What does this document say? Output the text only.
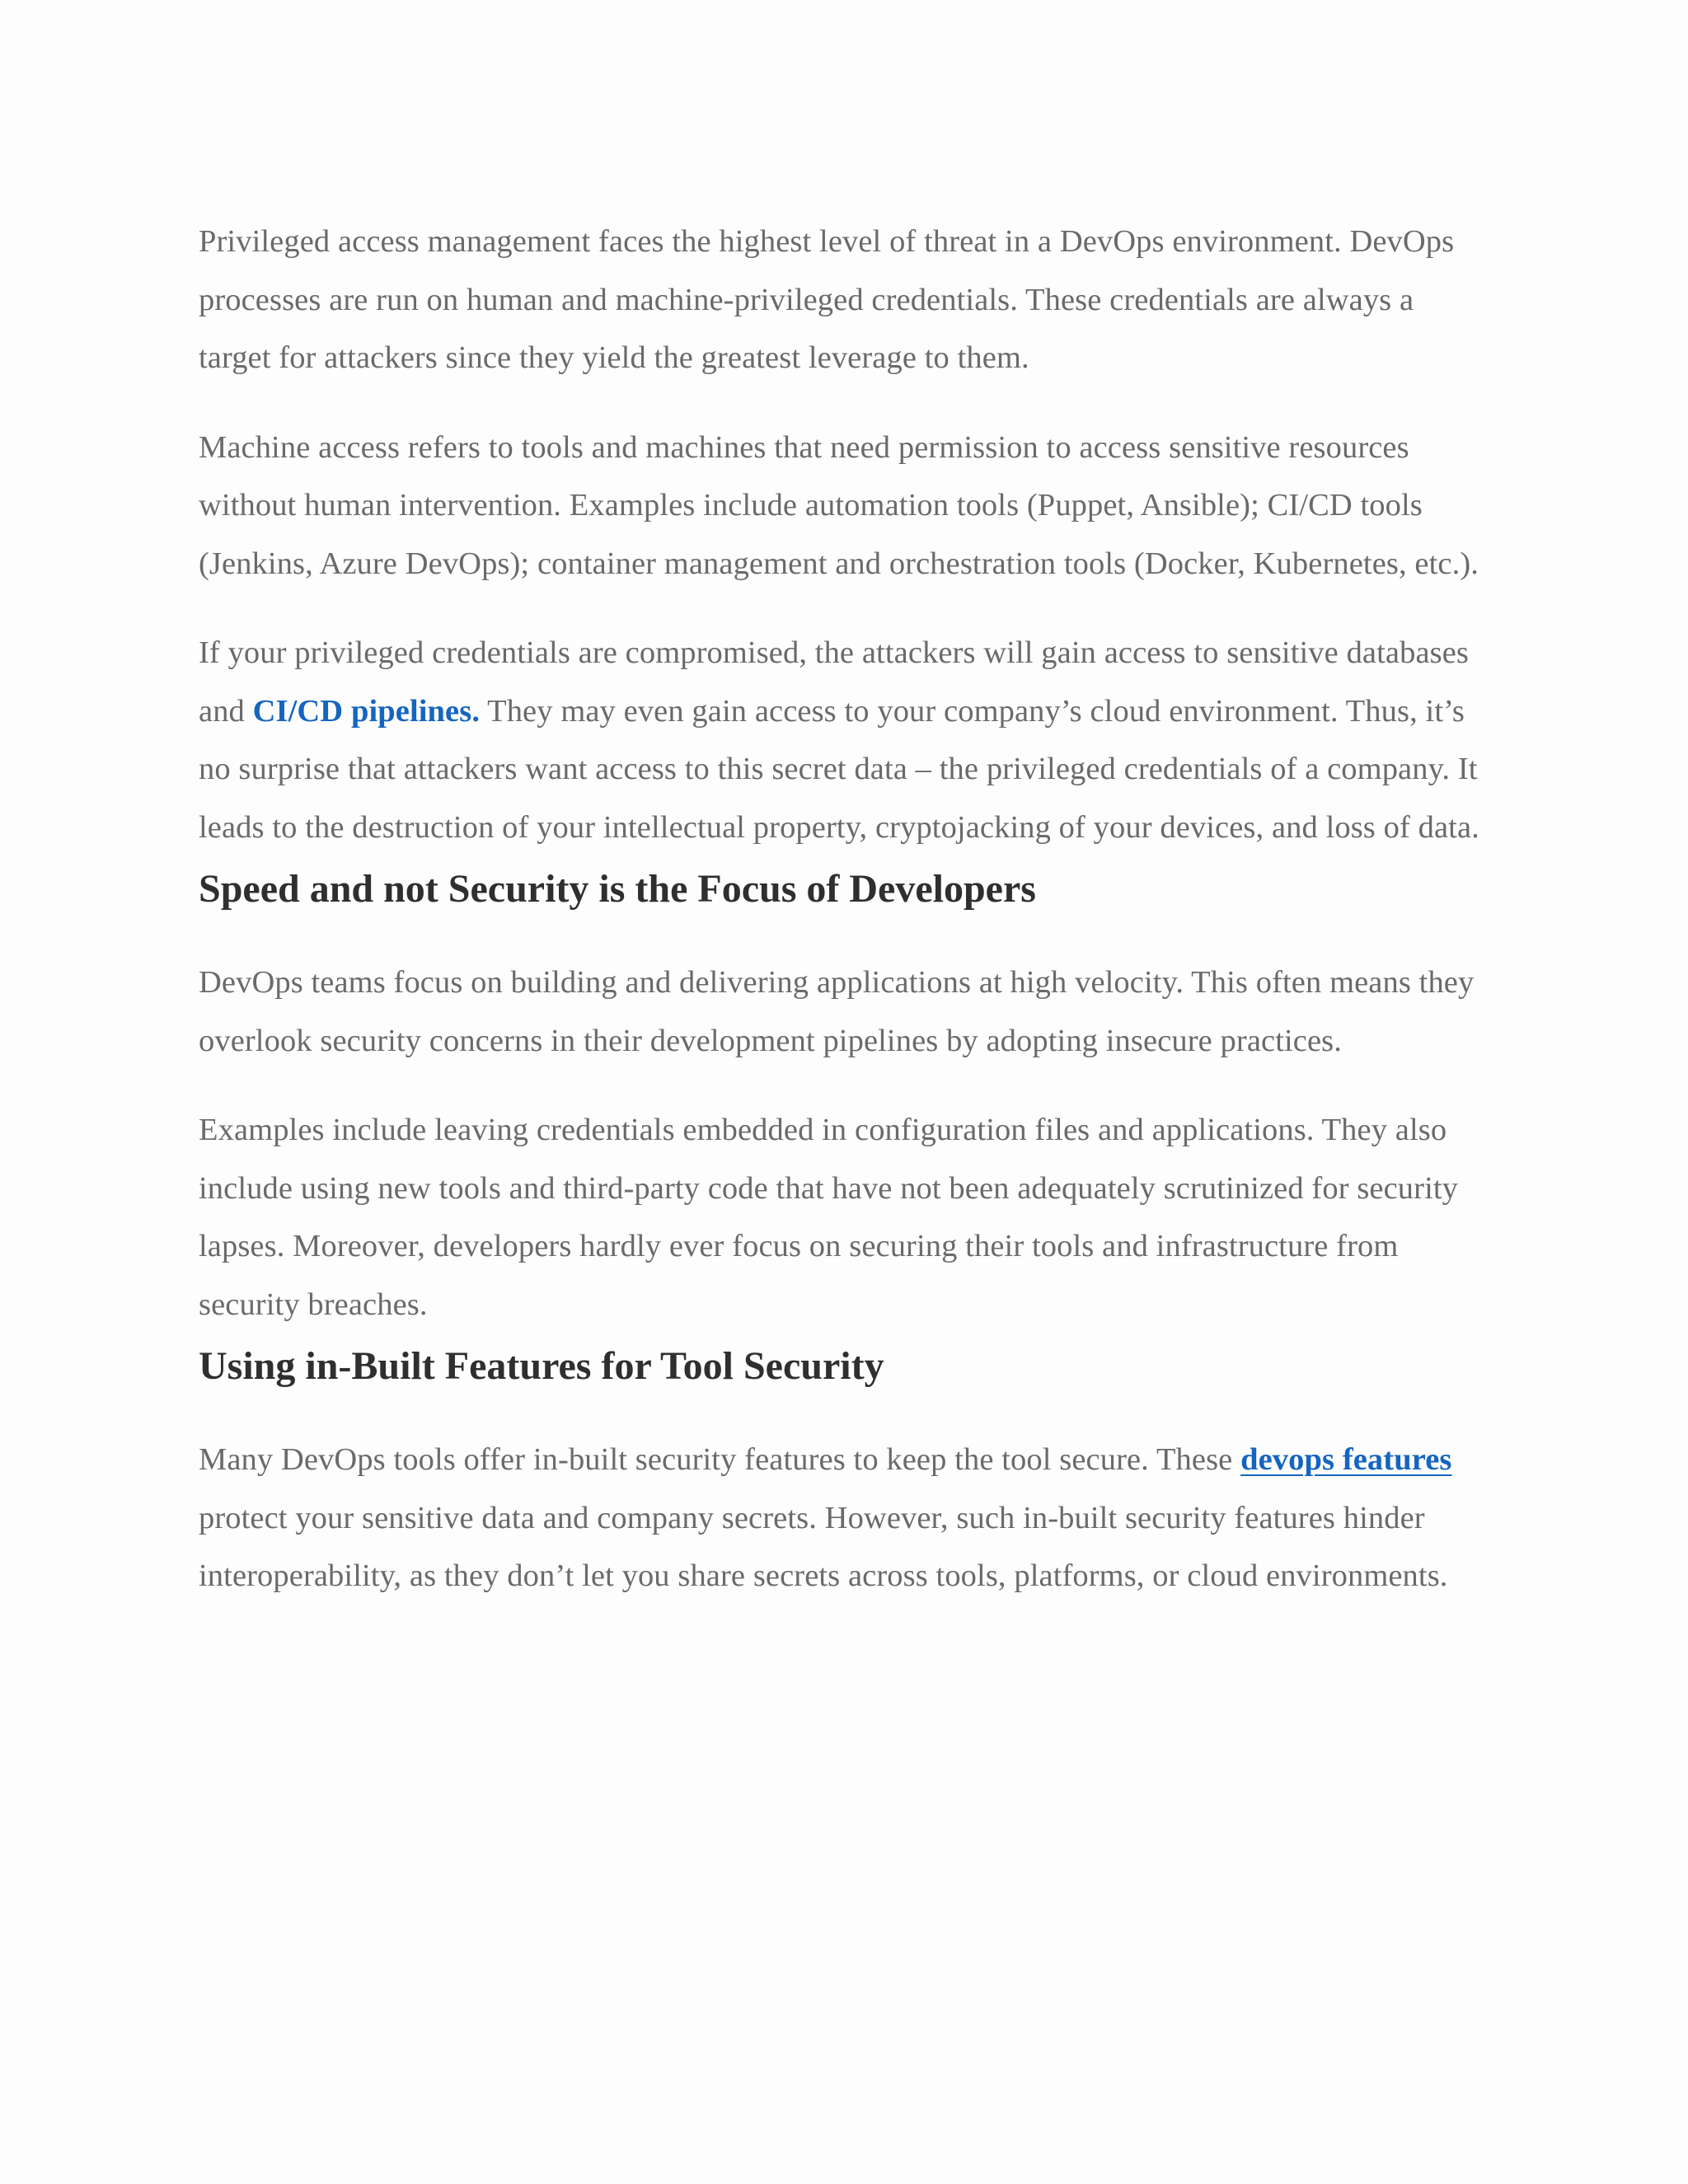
Privileged access management faces the highest level of threat in a DevOps environment. DevOps processes are run on human and machine-privileged credentials. These credentials are always a target for attackers since they yield the greatest leverage to them.

Machine access refers to tools and machines that need permission to access sensitive resources without human intervention. Examples include automation tools (Puppet, Ansible); CI/CD tools (Jenkins, Azure DevOps); container management and orchestration tools (Docker, Kubernetes, etc.).

If your privileged credentials are compromised, the attackers will gain access to sensitive databases and CI/CD pipelines. They may even gain access to your company’s cloud environment. Thus, it’s no surprise that attackers want access to this secret data – the privileged credentials of a company. It leads to the destruction of your intellectual property, cryptojacking of your devices, and loss of data.

Speed and not Security is the Focus of Developers

DevOps teams focus on building and delivering applications at high velocity. This often means they overlook security concerns in their development pipelines by adopting insecure practices.

Examples include leaving credentials embedded in configuration files and applications. They also include using new tools and third-party code that have not been adequately scrutinized for security lapses. Moreover, developers hardly ever focus on securing their tools and infrastructure from security breaches.

Using in-Built Features for Tool Security

Many DevOps tools offer in-built security features to keep the tool secure. These devops features protect your sensitive data and company secrets. However, such in-built security features hinder interoperability, as they don’t let you share secrets across tools, platforms, or cloud environments.
